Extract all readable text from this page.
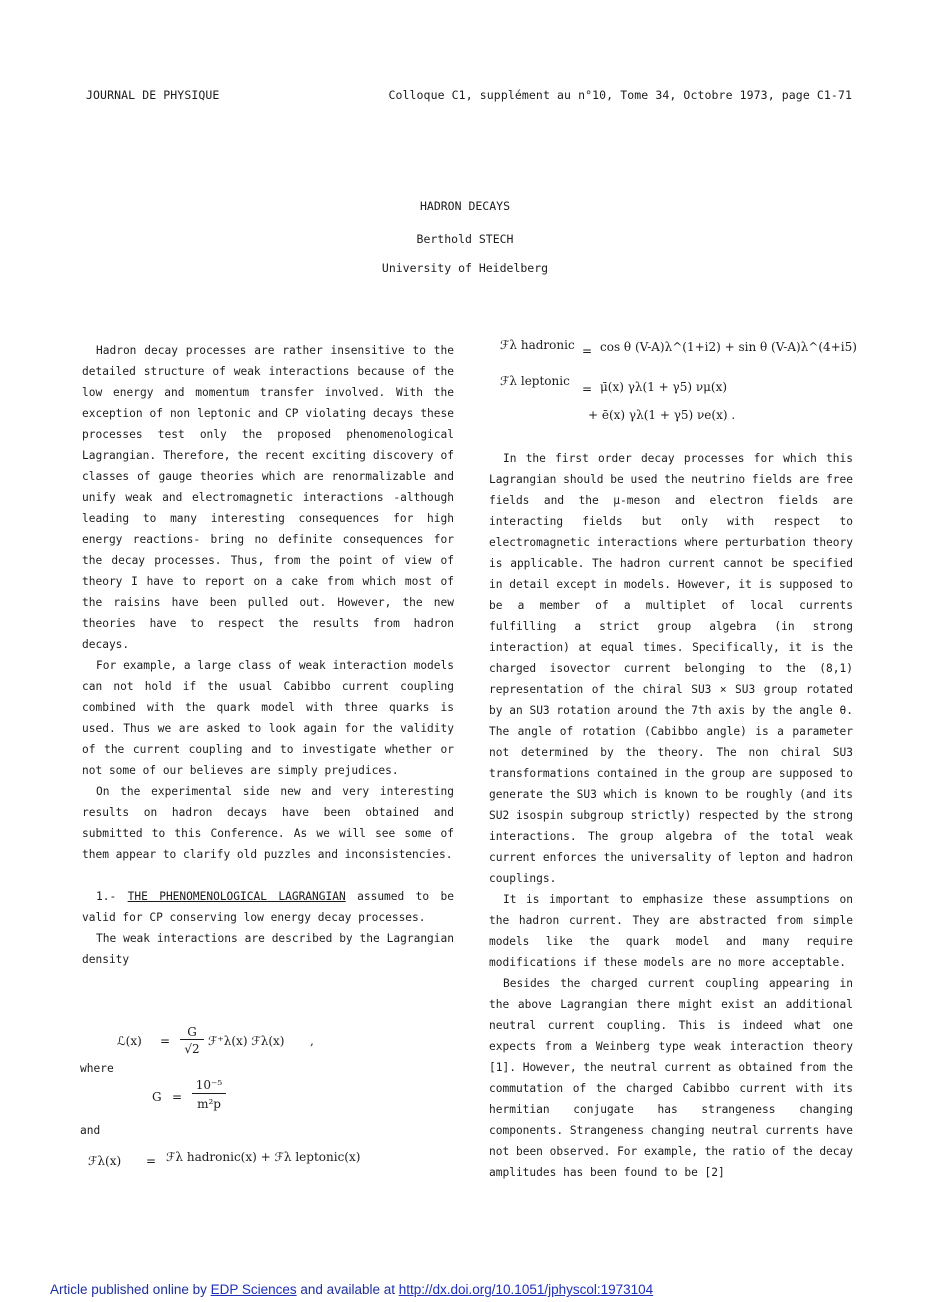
JOURNAL DE PHYSIQUE	Colloque C1, supplément au n°10, Tome 34, Octobre 1973, page C1-71
HADRON DECAYS
Berthold STECH
University of Heidelberg

Hadron decay processes are rather insensitive to the detailed structure of weak interactions because of the low energy and momentum transfer involved. With the exception of non leptonic and CP violating decays these processes test only the proposed phenomenological Lagrangian. Therefore, the recent exciting discovery of classes of gauge theories which are renormalizable and unify weak and electromagnetic interactions -although leading to many interesting consequences for high energy reactions- bring no definite consequences for the decay processes. Thus, from the point of view of theory I have to report on a cake from which most of the raisins have been pulled out. However, the new theories have to respect the results from hadron decays.

For example, a large class of weak interaction models can not hold if the usual Cabibbo current coupling combined with the quark model with three quarks is used. Thus we are asked to look again for the validity of the current coupling and to investigate whether or not some of our believes are simply prejudices.

On the experimental side new and very interesting results on hadron decays have been obtained and submitted to this Conference. As we will see some of them appear to clarify old puzzles and inconsistencies.

1.- THE PHENOMENOLOGICAL LAGRANGIAN assumed to be valid for CP conserving low energy decay processes.

The weak interactions are described by the Lagrangian density

ℒ(x) =
G
√2
ℱ⁺λ(x) ℱλ(x) ,
where
G =
10⁻⁵
m²p
and
ℱλ(x) = ℱλ hadronic(x) + ℱλ leptonic(x)
ℱλ hadronic = cos θ (V-A)λ^(1+i2) + sin θ (V-A)λ^(4+i5)
ℱλ leptonic
= μ̄(x) γλ(1 + γ5) νμ(x)
+ ē(x) γλ(1 + γ5) νe(x) .

In the first order decay processes for which this Lagrangian should be used the neutrino fields are free fields and the μ-meson and electron fields are interacting fields but only with respect to electromagnetic interactions where perturbation theory is applicable. The hadron current cannot be specified in detail except in models. However, it is supposed to be a member of a multiplet of local currents fulfilling a strict group algebra (in strong interaction) at equal times. Specifically, it is the charged isovector current belonging to the (8,1) representation of the chiral SU3 × SU3 group rotated by an SU3 rotation around the 7th axis by the angle θ. The angle of rotation (Cabibbo angle) is a parameter not determined by the theory. The non chiral SU3 transformations contained in the group are supposed to generate the SU3 which is known to be roughly (and its SU2 isospin subgroup strictly) respected by the strong interactions. The group algebra of the total weak current enforces the universality of lepton and hadron couplings.

It is important to emphasize these assumptions on the hadron current. They are abstracted from simple models like the quark model and many require modifications if these models are no more acceptable.

Besides the charged current coupling appearing in the above Lagrangian there might exist an additional neutral current coupling. This is indeed what one expects from a Weinberg type weak interaction theory [1]. However, the neutral current as obtained from the commutation of the charged Cabibbo current with its hermitian conjugate has strangeness changing components. Strangeness changing neutral currents have not been observed. For example, the ratio of the decay amplitudes has been found to be [2]

Article published online by EDP Sciences and available at http://dx.doi.org/10.1051/jphyscol:1973104
